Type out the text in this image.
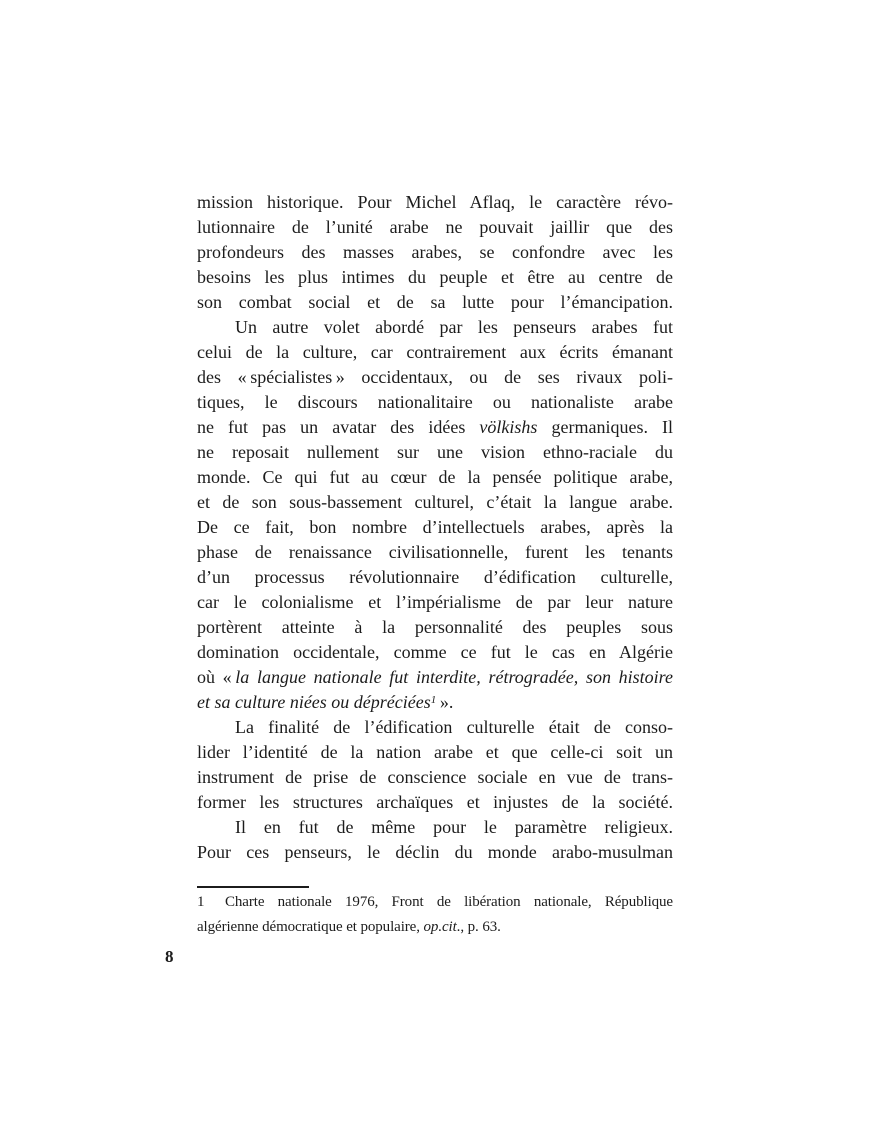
mission historique. Pour Michel Aflaq, le caractère révo-
lutionnaire de l’unité arabe ne pouvait jaillir que des
profondeurs des masses arabes, se confondre avec les
besoins les plus intimes du peuple et être au centre de
son combat social et de sa lutte pour l’émancipation.
Un autre volet abordé par les penseurs arabes fut
celui de la culture, car contrairement aux écrits émanant
des « spécialistes » occidentaux, ou de ses rivaux poli-
tiques, le discours nationalitaire ou nationaliste arabe
ne fut pas un avatar des idées völkishs germaniques. Il
ne reposait nullement sur une vision ethno-raciale du
monde. Ce qui fut au cœur de la pensée politique arabe,
et de son sous-bassement culturel, c’était la langue arabe.
De ce fait, bon nombre d’intellectuels arabes, après la
phase de renaissance civilisationnelle, furent les tenants
d’un processus révolutionnaire d’édification culturelle,
car le colonialisme et l’impérialisme de par leur nature
portèrent atteinte à la personnalité des peuples sous
domination occidentale, comme ce fut le cas en Algérie
où « la langue nationale fut interdite, rétrogradée, son histoire
et sa culture niées ou dépréciées$^1$ ».
La finalité de l’édification culturelle était de conso-
lider l’identité de la nation arabe et que celle-ci soit un
instrument de prise de conscience sociale en vue de trans-
former les structures archaïques et injustes de la société.
Il en fut de même pour le paramètre religieux.
Pour ces penseurs, le déclin du monde arabo-musulman
1 Charte nationale 1976, Front de libération nationale, République
algérienne démocratique et populaire, op.cit., p. 63.
8
